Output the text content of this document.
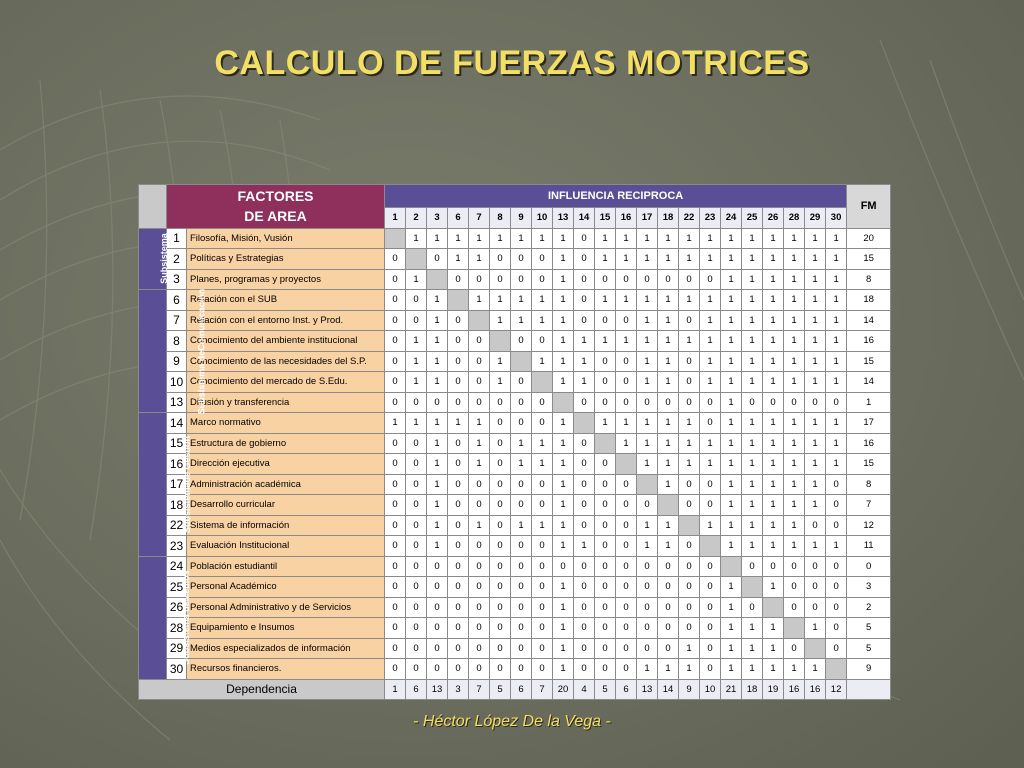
CALCULO DE FUERZAS MOTRICES

	FACTORES
DE AREA		INFLUENCIA RECIPROCA																						FM
			1	2	3	6	7	8	9	10	13	14	15	16	17	18	22	23	24	25	26	28	29	30	
Subsistema	1	Filosofía, Misión, Vusión		1	1	1	1	1	1	1	1	0	1	1	1	1	1	1	1	1	1	1	1	1	20
	2	Políticas y Estrategias	0		0	1	1	0	0	0	1	0	1	1	1	1	1	1	1	1	1	1	1	1	15
	3	Planes, programas y proyectos	0	1		0	0	0	0	0	1	0	0	0	0	0	0	0	1	1	1	1	1	1	8
Subsistema deComunicación	6	Relación con el SUB	0	0	1		1	1	1	1	1	0	1	1	1	1	1	1	1	1	1	1	1	1	18
	7	Relación con el entorno Inst. y Prod.	0	0	1	0		1	1	1	1	0	0	0	1	1	0	1	1	1	1	1	1	1	14
	8	Conocimiento del ambiente institucional	0	1	1	0	0		0	0	1	1	1	1	1	1	1	1	1	1	1	1	1	1	16
	9	Conocimiento de las necesidades del S.P.	0	1	1	0	0	1		1	1	1	0	0	1	1	0	1	1	1	1	1	1	1	15
	10	Conocimiento del mercado de S.Edu.	0	1	1	0	0	1	0		1	1	0	0	1	1	0	1	1	1	1	1	1	1	14
	13	Difusión y transferencia	0	0	0	0	0	0	0	0		0	0	0	0	0	0	0	1	0	0	0	0	0	1
Subsistemade Gestión	14	Marco normativo	1	1	1	1	1	0	0	0	1		1	1	1	1	1	0	1	1	1	1	1	1	17
	15	Estructura de gobierno	0	0	1	0	1	0	1	1	1	0		1	1	1	1	1	1	1	1	1	1	1	16
	16	Dirección ejecutiva	0	0	1	0	1	0	1	1	1	0	0		1	1	1	1	1	1	1	1	1	1	15
	17	Administración académica	0	0	1	0	0	0	0	0	1	0	0	0		1	0	0	1	1	1	1	1	0	8
	18	Desarrollo curricular	0	0	1	0	0	0	0	0	1	0	0	0	0		0	0	1	1	1	1	1	0	7
	22	Sistema de información	0	0	1	0	1	0	1	1	1	0	0	0	1	1		1	1	1	1	1	0	0	12
	23	Evaluación Institucional	0	0	1	0	0	0	0	0	1	1	0	0	1	1	0		1	1	1	1	1	1	11
Subsistema deMedios	24	Población estudiantil	0	0	0	0	0	0	0	0	0	0	0	0	0	0	0	0		0	0	0	0	0	0
	25	Personal Académico	0	0	0	0	0	0	0	0	1	0	0	0	0	0	0	0	1		1	0	0	0	3
	26	Personal Administrativo y de Servicios	0	0	0	0	0	0	0	0	1	0	0	0	0	0	0	0	1	0		0	0	0	2
	28	Equipamiento e Insumos	0	0	0	0	0	0	0	0	1	0	0	0	0	0	0	0	1	1	1		1	0	5
	29	Medios especializados de información	0	0	0	0	0	0	0	0	1	0	0	0	0	0	1	0	1	1	1	0		0	5
	30	Recursos financieros.	0	0	0	0	0	0	0	0	1	0	0	0	1	1	1	0	1	1	1	1	1		9
Dependencia			1	6	13	3	7	5	6	7	20	4	5	6	13	14	9	10	21	18	19	16	16	12	
- Héctor López De la Vega -
